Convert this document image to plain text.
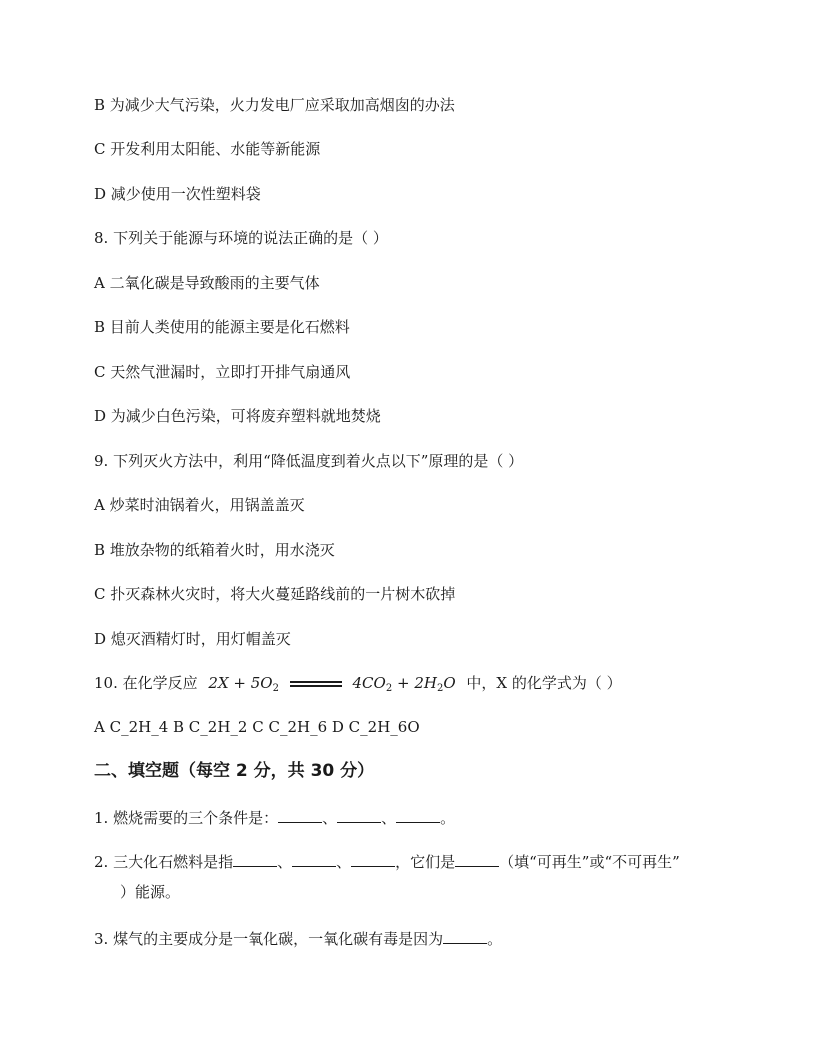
B 为减少大气污染，火力发电厂应采取加高烟囱的办法
C 开发利用太阳能、水能等新能源
D 减少使用一次性塑料袋
8. 下列关于能源与环境的说法正确的是（ ）
A 二氧化碳是导致酸雨的主要气体
B 目前人类使用的能源主要是化石燃料
C 天然气泄漏时，立即打开排气扇通风
D 为减少白色污染，可将废弃塑料就地焚烧
9. 下列灭火方法中，利用“降低温度到着火点以下”原理的是（ ）
A 炒菜时油锅着火，用锅盖盖灭
B 堆放杂物的纸箱着火时，用水浇灭
C 扑灭森林火灾时，将大火蔓延路线前的一片树木砍掉
D 熄灭酒精灯时，用灯帽盖灭
10. 在化学反应 $2X + 5O_2$	$4CO_2 + 2H_2O$ 中，X 的化学式为（ ）
A C_2H_4 B C_2H_2 C C_2H_6 D C_2H_6O
二、填空题（每空 2 分，共 30 分）
1. 燃烧需要的三个条件是：	、	、	。
2. 三大化石燃料是指	、	、	，它们是	（填“可再生”或“不可再生”
）能源。
3. 煤气的主要成分是一氧化碳，一氧化碳有毒是因为	。
